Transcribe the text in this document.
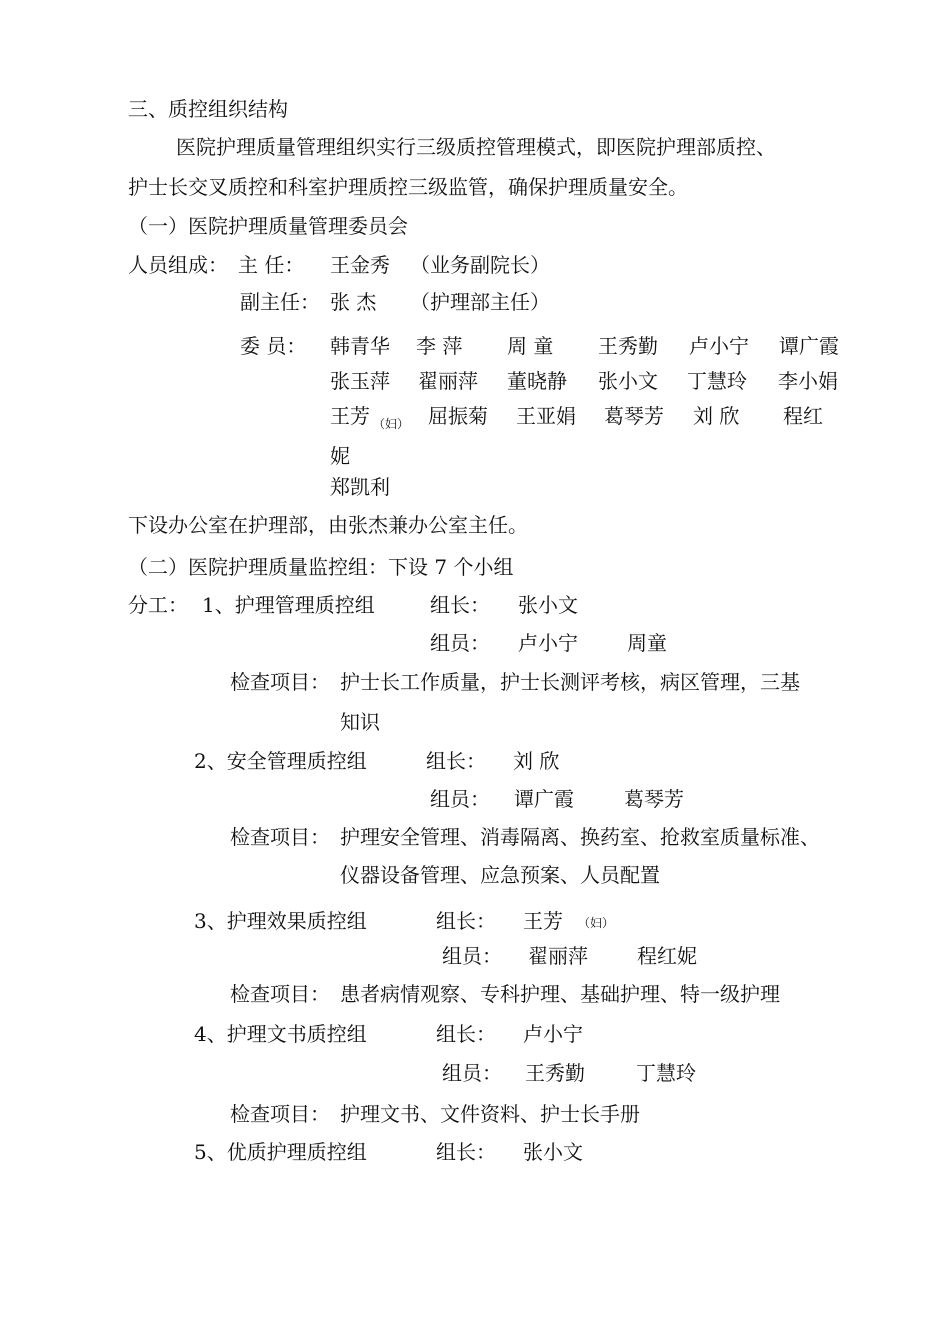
三、质控组织结构
医院护理质量管理组织实行三级质控管理模式，即医院护理部质控、
护士长交叉质控和科室护理质控三级监管，确保护理质量安全。
（一）医院护理质量管理委员会
人员组成： 主 任： 王金秀 （业务副院长）
副主任： 张 杰 （护理部主任）
委 员： 韩青华 李 萍 周 童 王秀勤 卢小宁 谭广霞
张玉萍 翟丽萍 董晓静 张小文 丁慧玲 李小娟
王芳 （妇） 屈振菊 王亚娟 葛琴芳 刘 欣 程红
妮
郑凯利
下设办公室在护理部，由张杰兼办公室主任。
（二）医院护理质量监控组：下设 7 个小组
分工： 1、护理管理质控组	组长： 张小文
组员： 卢小宁 周童
检查项目： 护士长工作质量，护士长测评考核，病区管理，三基
知识
2、安全管理质控组	组长： 刘 欣
组员： 谭广霞	葛琴芳
检查项目： 护理安全管理、消毒隔离、换药室、抢救室质量标准、
仪器设备管理、应急预案、人员配置
3、护理效果质控组	组长： 王芳 （妇）
组员： 翟丽萍 程红妮
检查项目： 患者病情观察、专科护理、基础护理、特一级护理
4、护理文书质控组	组长： 卢小宁
组员： 王秀勤	丁慧玲
检查项目： 护理文书、文件资料、护士长手册
5、优质护理质控组	组长： 张小文
